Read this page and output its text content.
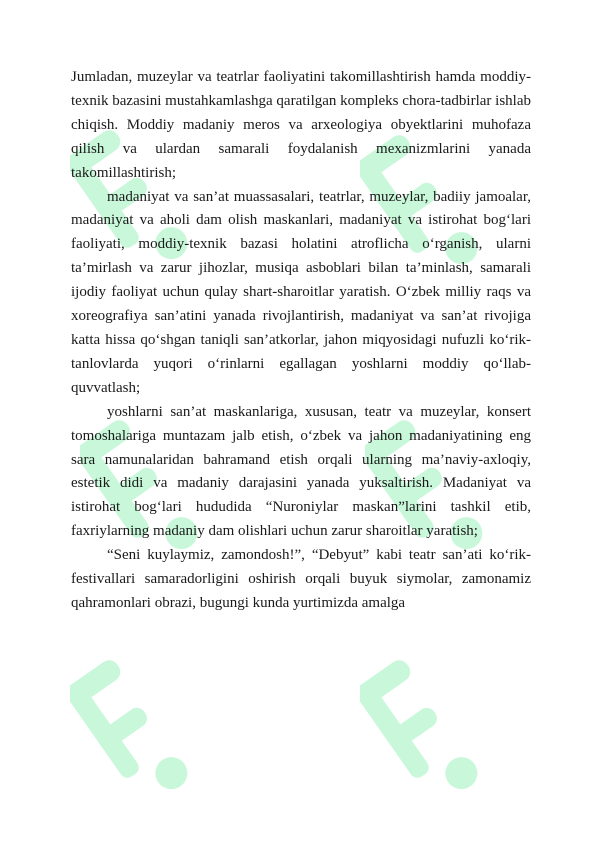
Jumladan, muzeylar va teatrlar faoliyatini takomillashtirish hamda moddiy-texnik bazasini mustahkamlashga qaratilgan kompleks chora-tadbirlar ishlab chiqish. Moddiy madaniy meros va arxeologiya obyektlarini muhofaza qilish va ulardan samarali foydalanish mexanizmlarini yanada takomillashtirish;

madaniyat va san’at muassasalari, teatrlar, muzeylar, badiiy jamoalar, madaniyat va aholi dam olish maskanlari, madaniyat va istirohat bog‘lari faoliyati, moddiy-texnik bazasi holatini atroflicha o‘rganish, ularni ta’mirlash va zarur jihozlar, musiqa asboblari bilan ta’minlash, samarali ijodiy faoliyat uchun qulay shart-sharoitlar yaratish. O‘zbek milliy raqs va xoreografiya san’atini yanada rivojlantirish, madaniyat va san’at rivojiga katta hissa qo‘shgan taniqli san’atkorlar, jahon miqyosidagi nufuzli ko‘rik-tanlovlarda yuqori o‘rinlarni egallagan yoshlarni moddiy qo‘llab-quvvatlash;

yoshlarni san’at maskanlariga, xususan, teatr va muzeylar, konsert tomoshalariga muntazam jalb etish, o‘zbek va jahon madaniyatining eng sara namunalaridan bahramand etish orqali ularning ma’naviy-axloqiy, estetik didi va madaniy darajasini yanada yuksaltirish. Madaniyat va istirohat bog‘lari hududida “Nuroniylar maskan”larini tashkil etib, faxriylarning madaniy dam olishlari uchun zarur sharoitlar yaratish;

“Seni kuylaymiz, zamondosh!”, “Debyut” kabi teatr san’ati ko‘rik-festivallari samaradorligini oshirish orqali buyuk siymolar, zamonamiz qahramonlari obrazi, bugungi kunda yurtimizda amalga
